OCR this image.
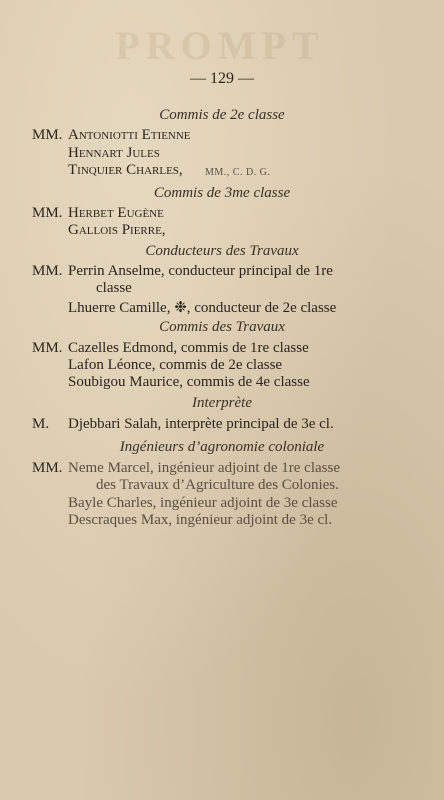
PROMPT
— 129 —
Commis de 2e classe
MM. Antoniotti Etienne
Hennart Jules
Tinquier Charles, MM., C. D. G.
Commis de 3me classe
MM. Herbet Eugène
Gallois Pierre,
Conducteurs des Travaux
MM. Perrin Anselme, conducteur principal de 1re
classe
Lhuerre Camille, ❉, conducteur de 2e classe
Commis des Travaux
MM. Cazelles Edmond, commis de 1re classe
Lafon Léonce, commis de 2e classe
Soubigou Maurice, commis de 4e classe
Interprète
M. Djebbari Salah, interprète principal de 3e cl.
Ingénieurs d’agronomie coloniale
MM. Neme Marcel, ingénieur adjoint de 1re classe
des Travaux d’Agriculture des Colonies.
Bayle Charles, ingénieur adjoint de 3e classe
Descraques Max, ingénieur adjoint de 3e cl.
